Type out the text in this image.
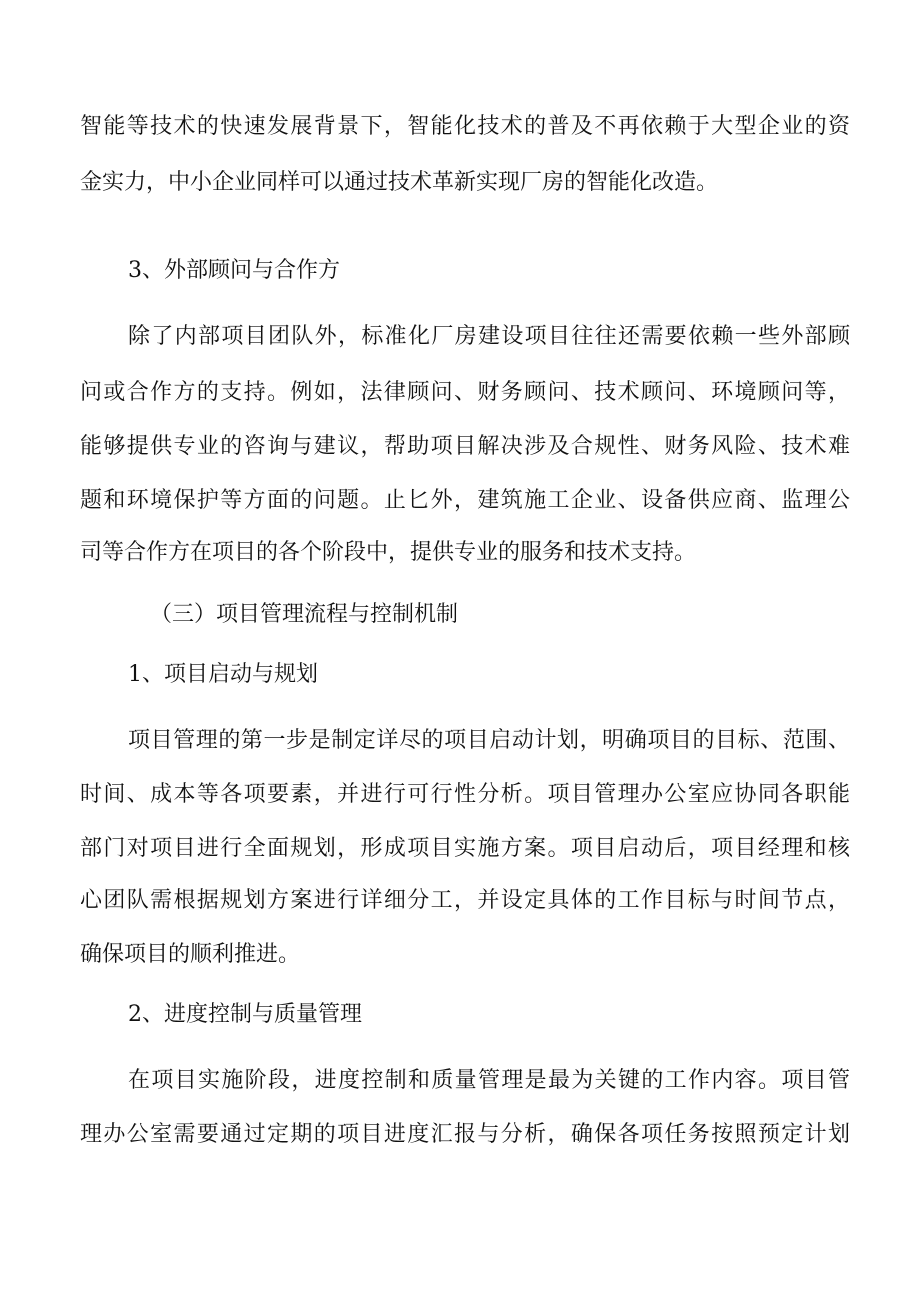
智能等技术的快速发展背景下，智能化技术的普及不再依赖于大型企业的资
金实力，中小企业同样可以通过技术革新实现厂房的智能化改造。
3、外部顾问与合作方
除了内部项目团队外，标准化厂房建设项目往往还需要依赖一些外部顾
问或合作方的支持。例如，法律顾问、财务顾问、技术顾问、环境顾问等，
能够提供专业的咨询与建议，帮助项目解决涉及合规性、财务风险、技术难
题和环境保护等方面的问题。止匕外，建筑施工企业、设备供应商、监理公
司等合作方在项目的各个阶段中，提供专业的服务和技术支持。
（三）项目管理流程与控制机制
1、项目启动与规划
项目管理的第一步是制定详尽的项目启动计划，明确项目的目标、范围、
时间、成本等各项要素，并进行可行性分析。项目管理办公室应协同各职能
部门对项目进行全面规划，形成项目实施方案。项目启动后，项目经理和核
心团队需根据规划方案进行详细分工，并设定具体的工作目标与时间节点，
确保项目的顺利推进。
2、进度控制与质量管理
在项目实施阶段，进度控制和质量管理是最为关键的工作内容。项目管
理办公室需要通过定期的项目进度汇报与分析，确保各项任务按照预定计划
